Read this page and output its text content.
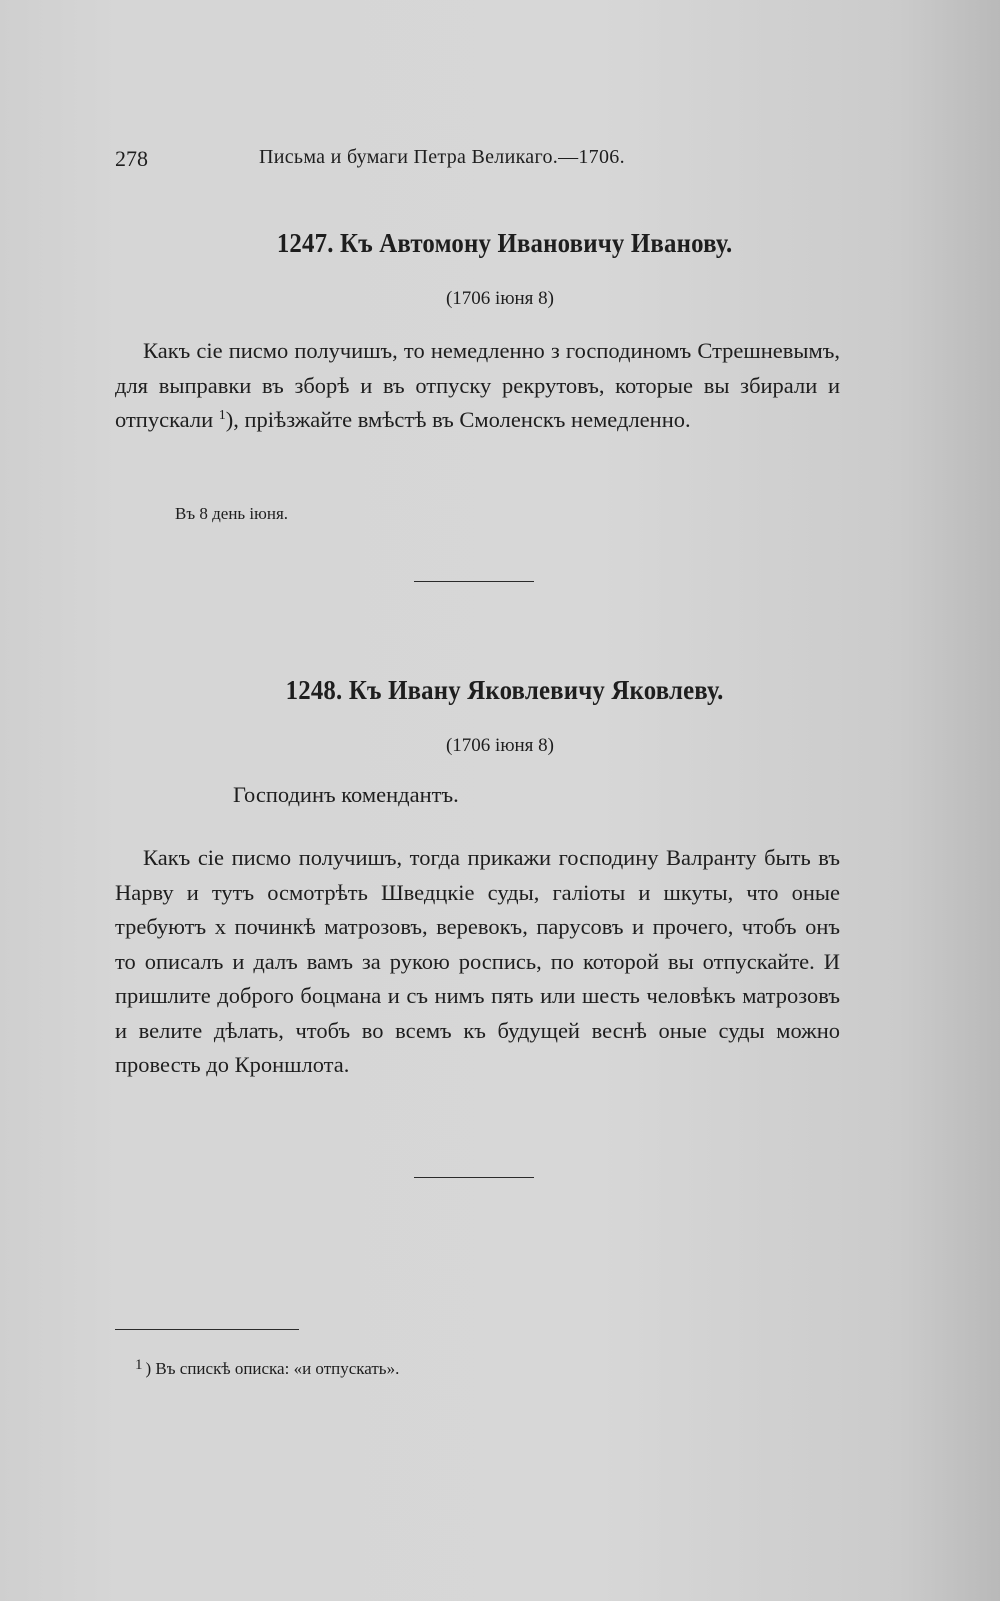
278	Письма и бумаги Петра Великаго.—1706.
1247. Къ Автомону Ивановичу Иванову.
(1706 іюня 8)

Какъ сіе писмо получишъ, то немедленно з господиномъ Стрешневымъ, для выправки въ зборѣ и въ отпуску рекрутовъ, которые вы збирали и отпускали $^1$), пріѣзжайте вмѣстѣ въ Смоленскъ немедленно.

Въ 8 день іюня.
1248. Къ Ивану Яковлевичу Яковлеву.
(1706 іюня 8)
Господинъ комендантъ.

Какъ сіе писмо получишъ, тогда прикажи господину Валранту быть въ Нарву и тутъ осмотрѣть Шведцкіе суды, галіоты и шкуты, что оные требуютъ х починкѣ матрозовъ, веревокъ, парусовъ и прочего, чтобъ онъ то описалъ и далъ вамъ за рукою роспись, по которой вы отпускайте. И пришлите доброго боцмана и съ нимъ пять или шесть человѣкъ матрозовъ и велите дѣлать, чтобъ во всемъ къ будущей веснѣ оные суды можно провесть до Кроншлота.

1 ) Въ спискѣ описка: «и отпускать».
